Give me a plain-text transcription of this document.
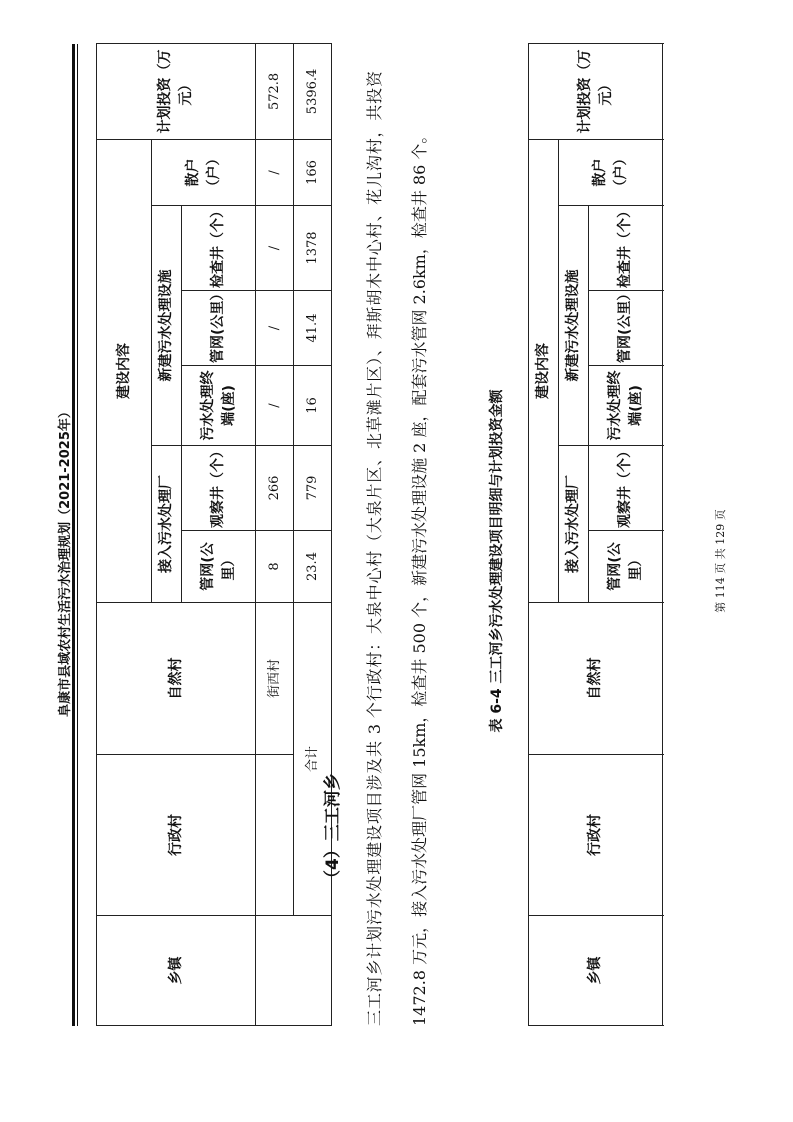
阜康市县域农村生活污水治理规划（2021-2025年）
乡镇	行政村	自然村	建设内容						计划投资（万元）
			接入污水处理厂		新建污水处理设施			散户（户）	
			管网(公里）	观察井（个）	污水处理终端(座)	管网(公里）	检查井（个）		

		街西村	8	266	/	/	/	/	572.8
	合计		23.4	779	16	41.4	1378	166	5396.4
（4）三工河乡	三工河乡计划污水处理建设项目涉及共 3 个行政村：大泉中心村（大泉片区、北草滩片区）、拜斯胡木中心村、花儿沟村，共投资 1472.8 万元，接入污水处理厂管网 15km，检查井 500 个，新建污水处理设施 2 座，配套污水管网 2.6km，检查井 86 个。	表 6-4 三工河乡污水处理建设项目明细与计划投资金额
乡镇	行政村	自然村	建设内容						计划投资（万元）
			接入污水处理厂		新建污水处理设施			散户（户）	
			管网(公里）	观察井（个）	污水处理终端(座)	管网(公里）	检查井（个）		

第 114 页 共 129 页
